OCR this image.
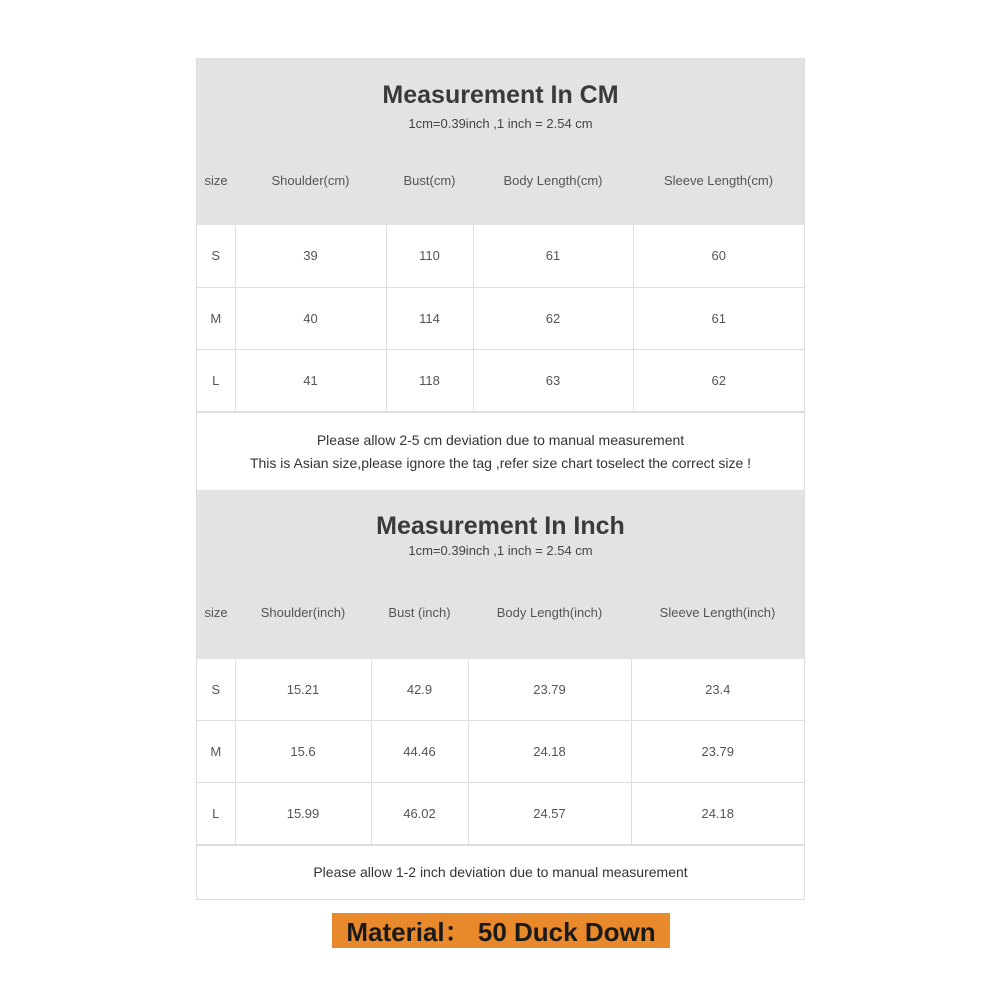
Measurement In CM
1cm=0.39inch ,1 inch = 2.54 cm
size	Shoulder(cm)	Bust(cm)	Body Length(cm)	Sleeve Length(cm)
S	39	110	61	60
M	40	114	62	61
L	41	118	63	62
Please allow 2-5 cm deviation due to manual measurement
This is Asian size,please ignore the tag ,refer size chart toselect the correct size !
Measurement In Inch
1cm=0.39inch ,1 inch = 2.54 cm
size	Shoulder(inch)	Bust (inch)	Body Length(inch)	Sleeve Length(inch)
S	15.21	42.9	23.79	23.4
M	15.6	44.46	24.18	23.79
L	15.99	46.02	24.57	24.18
Please allow 1-2 inch deviation due to manual measurement
Material： 50 Duck Down
